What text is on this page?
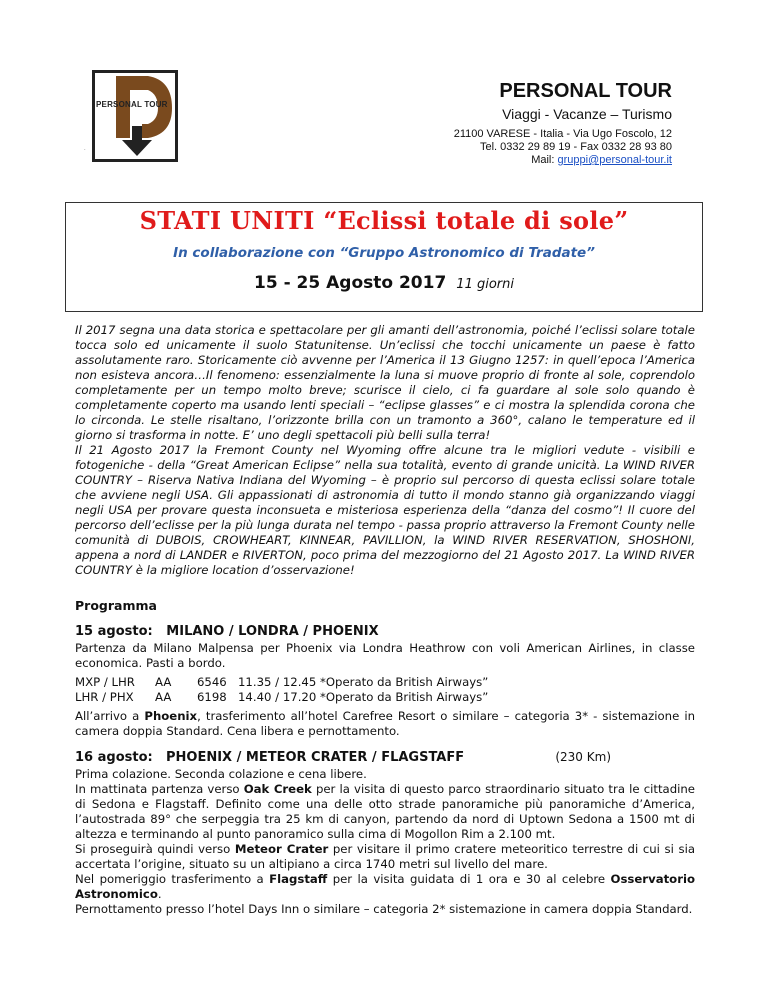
PERSONAL TOUR
.
PERSONAL TOUR
Viaggi - Vacanze – Turismo
21100 VARESE - Italia - Via Ugo Foscolo, 12
Tel. 0332 29 89 19 - Fax 0332 28 93 80
Mail: gruppi@personal-tour.it
STATI UNITI “Eclissi totale di sole”
In collaborazione con “Gruppo Astronomico di Tradate”
15 - 25 Agosto 2017 11 giorni

Il 2017 segna una data storica e spettacolare per gli amanti dell’astronomia, poiché l’eclissi solare totale tocca solo ed unicamente il suolo Statunitense. Un’eclissi che tocchi unicamente un paese è fatto assolutamente raro. Storicamente ciò avvenne per l’America il 13 Giugno 1257: in quell’epoca l’America non esisteva ancora…Il fenomeno: essenzialmente la luna si muove proprio di fronte al sole, coprendolo completamente per un tempo molto breve; scurisce il cielo, ci fa guardare al sole solo quando è completamente coperto ma usando lenti speciali – “eclipse glasses” e ci mostra la splendida corona che lo circonda. Le stelle risaltano, l’orizzonte brilla con un tramonto a 360°, calano le temperature ed il giorno si trasforma in notte. E’ uno degli spettacoli più belli sulla terra!

Il 21 Agosto 2017 la Fremont County nel Wyoming offre alcune tra le migliori vedute - visibili e fotogeniche - della “Great American Eclipse” nella sua totalità, evento di grande unicità. La WIND RIVER COUNTRY – Riserva Nativa Indiana del Wyoming – è proprio sul percorso di questa eclissi solare totale che avviene negli USA. Gli appassionati di astronomia di tutto il mondo stanno già organizzando viaggi negli USA per provare questa inconsueta e misteriosa esperienza della “danza del cosmo”! Il cuore del percorso dell’eclisse per la più lunga durata nel tempo - passa proprio attraverso la Fremont County nelle comunità di DUBOIS, CROWHEART, KINNEAR, PAVILLION, la WIND RIVER RESERVATION, SHOSHONI, appena a nord di LANDER e RIVERTON, poco prima del mezzogiorno del 21 Agosto 2017. La WIND RIVER COUNTRY è la migliore location d’osservazione!

Programma
15 agosto:
MILANO / LONDRA / PHOENIX

Partenza da Milano Malpensa per Phoenix via Londra Heathrow con voli American Airlines, in classe economica. Pasti a bordo.

MXP / LHR	AA	6546 11.35 / 12.45 *Operato da British Airways”
LHR / PHX	AA	6198 14.40 / 17.20 *Operato da British Airways”

All’arrivo a Phoenix, trasferimento all’hotel Carefree Resort o similare – categoria 3* - sistemazione in camera doppia Standard. Cena libera e pernottamento.

16 agosto:	PHOENIX / METEOR CRATER / FLAGSTAFF	(230 Km)

Prima colazione. Seconda colazione e cena libere.

In mattinata partenza verso Oak Creek per la visita di questo parco straordinario situato tra le cittadine di Sedona e Flagstaff. Definito come una delle otto strade panoramiche più panoramiche d’America, l’autostrada 89° che serpeggia tra 25 km di canyon, partendo da nord di Uptown Sedona a 1500 mt di altezza e terminando al punto panoramico sulla cima di Mogollon Rim a 2.100 mt.

Si proseguirà quindi verso Meteor Crater per visitare il primo cratere meteoritico terrestre di cui si sia accertata l’origine, situato su un altipiano a circa 1740 metri sul livello del mare.

Nel pomeriggio trasferimento a Flagstaff per la visita guidata di 1 ora e 30 al celebre Osservatorio Astronomico.

Pernottamento presso l’hotel Days Inn o similare – categoria 2* sistemazione in camera doppia Standard.
